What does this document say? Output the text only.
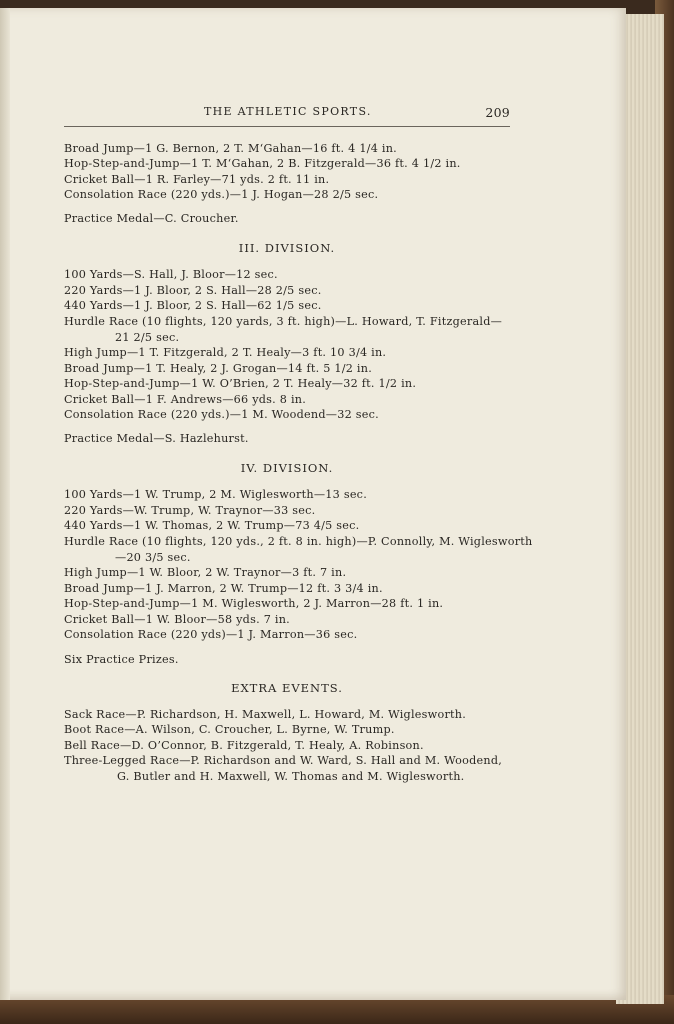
THE ATHLETIC SPORTS.	209
Broad Jump—1 G. Bernon, 2 T. M‘Gahan—16 ft. 4 1/4 in.
Hop-Step-and-Jump—1 T. M‘Gahan, 2 B. Fitzgerald—36 ft. 4 1/2 in.
Cricket Ball—1 R. Farley—71 yds. 2 ft. 11 in.
Consolation Race (220 yds.)—1 J. Hogan—28 2/5 sec.
Practice Medal—C. Croucher.
III. DIVISION.
100 Yards—S. Hall, J. Bloor—12 sec.
220 Yards—1 J. Bloor, 2 S. Hall—28 2/5 sec.
440 Yards—1 J. Bloor, 2 S. Hall—62 1/5 sec.
Hurdle Race (10 flights, 120 yards, 3 ft. high)—L. Howard, T. Fitzgerald—
21 2/5 sec.
High Jump—1 T. Fitzgerald, 2 T. Healy—3 ft. 10 3/4 in.
Broad Jump—1 T. Healy, 2 J. Grogan—14 ft. 5 1/2 in.
Hop-Step-and-Jump—1 W. O’Brien, 2 T. Healy—32 ft. 1/2 in.
Cricket Ball—1 F. Andrews—66 yds. 8 in.
Consolation Race (220 yds.)—1 M. Woodend—32 sec.
Practice Medal—S. Hazlehurst.
IV. DIVISION.
100 Yards—1 W. Trump, 2 M. Wiglesworth—13 sec.
220 Yards—W. Trump, W. Traynor—33 sec.
440 Yards—1 W. Thomas, 2 W. Trump—73 4/5 sec.
Hurdle Race (10 flights, 120 yds., 2 ft. 8 in. high)—P. Connolly, M. Wiglesworth
—20 3/5 sec.
High Jump—1 W. Bloor, 2 W. Traynor—3 ft. 7 in.
Broad Jump—1 J. Marron, 2 W. Trump—12 ft. 3 3/4 in.
Hop-Step-and-Jump—1 M. Wiglesworth, 2 J. Marron—28 ft. 1 in.
Cricket Ball—1 W. Bloor—58 yds. 7 in.
Consolation Race (220 yds)—1 J. Marron—36 sec.
Six Practice Prizes.
EXTRA EVENTS.
Sack Race—P. Richardson, H. Maxwell, L. Howard, M. Wiglesworth.
Boot Race—A. Wilson, C. Croucher, L. Byrne, W. Trump.
Bell Race—D. O’Connor, B. Fitzgerald, T. Healy, A. Robinson.
Three-Legged Race—P. Richardson and W. Ward, S. Hall and M. Woodend,
G. Butler and H. Maxwell, W. Thomas and M. Wiglesworth.
